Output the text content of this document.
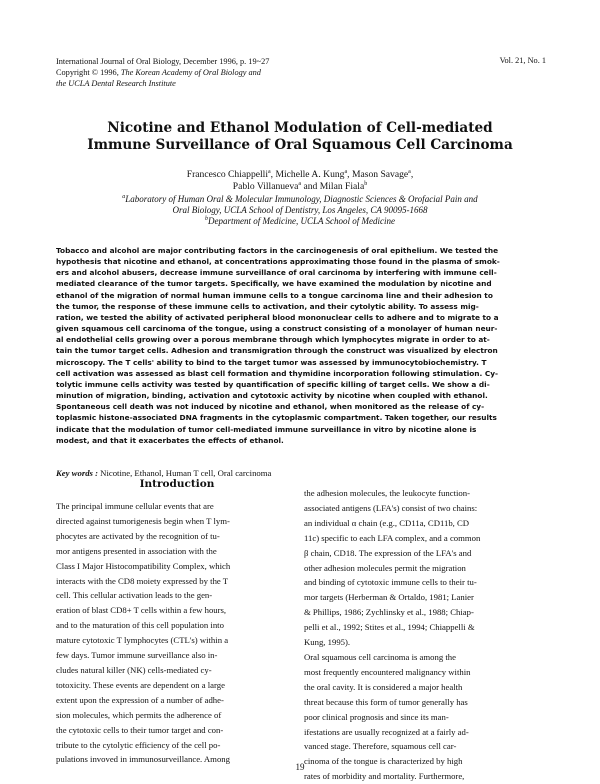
International Journal of Oral Biology, December 1996, p. 19~27
Copyright © 1996, The Korean Academy of Oral Biology and
the UCLA Dental Research Institute
Vol. 21, No. 1
Nicotine and Ethanol Modulation of Cell-mediated
Immune Surveillance of Oral Squamous Cell Carcinoma
Francesco Chiappelli$^a$, Michelle A. Kung$^a$, Mason Savage$^a$,
Pablo Villanueva$^a$ and Milan Fiala$^b$
$^a$Laboratory of Human Oral & Molecular Immunology, Diagnostic Sciences & Orofacial Pain and
Oral Biology, UCLA School of Dentistry, Los Angeles, CA 90095-1668
$^b$Department of Medicine, UCLA School of Medicine
Tobacco and alcohol are major contributing factors in the carcinogenesis of oral epithelium. We tested the
hypothesis that nicotine and ethanol, at concentrations approximating those found in the plasma of smok-
ers and alcohol abusers, decrease immune surveillance of oral carcinoma by interfering with immune cell-
mediated clearance of the tumor targets. Specifically, we have examined the modulation by nicotine and
ethanol of the migration of normal human immune cells to a tongue carcinoma line and their adhesion to
the tumor, the response of these immune cells to activation, and their cytolytic ability. To assess mig-
ration, we tested the ability of activated peripheral blood mononuclear cells to adhere and to migrate to a
given squamous cell carcinoma of the tongue, using a construct consisting of a monolayer of human neur-
al endothelial cells growing over a porous membrane through which lymphocytes migrate in order to at-
tain the tumor target cells. Adhesion and transmigration through the construct was visualized by electron
microscopy. The T cells' ability to bind to the target tumor was assessed by immunocytobiochemistry. T
cell activation was assessed as blast cell formation and thymidine incorporation following stimulation. Cy-
tolytic immune cells activity was tested by quantification of specific killing of target cells. We show a di-
minution of migration, binding, activation and cytotoxic activity by nicotine when coupled with ethanol.
Spontaneous cell death was not induced by nicotine and ethanol, when monitored as the release of cy-
toplasmic histone-associated DNA fragments in the cytoplasmic compartment. Taken together, our results
indicate that the modulation of tumor cell-mediated immune surveillance in vitro by nicotine alone is
modest, and that it exacerbates the effects of ethanol.
Key words : Nicotine, Ethanol, Human T cell, Oral carcinoma
Introduction
The principal immune cellular events that are
directed against tumorigenesis begin when T lym-
phocytes are activated by the recognition of tu-
mor antigens presented in association with the
Class I Major Histocompatibility Complex, which
interacts with the CD8 moiety expressed by the T
cell. This cellular activation leads to the gen-
eration of blast CD8+ T cells within a few hours,
and to the maturation of this cell population into
mature cytotoxic T lymphocytes (CTL's) within a
few days. Tumor immune surveillance also in-
cludes natural killer (NK) cells-mediated cy-
totoxicity. These events are dependent on a large
extent upon the expression of a number of adhe-
sion molecules, which permits the adherence of
the cytotoxic cells to their tumor target and con-
tribute to the cytolytic efficiency of the cell po-
pulations invoved in immunosurveillance. Among
the adhesion molecules, the leukocyte function-
associated antigens (LFA's) consist of two chains:
an individual α chain (e.g., CD11a, CD11b, CD
11c) specific to each LFA complex, and a common
β chain, CD18. The expression of the LFA's and
other adhesion molecules permit the migration
and binding of cytotoxic immune cells to their tu-
mor targets (Herberman & Ortaldo, 1981; Lanier
& Phillips, 1986; Zychlinsky et al., 1988; Chiap-
pelli et al., 1992; Stites et al., 1994; Chiappelli &
Kung, 1995).
Oral squamous cell carcinoma is among the
most frequently encountered malignancy within
the oral cavity. It is considered a major health
threat because this form of tumor generally has
poor clinical prognosis and since its man-
ifestations are usually recognized at a fairly ad-
vanced stage. Therefore, squamous cell car-
cinoma of the tongue is characterized by high
rates of morbidity and mortality. Furthermore,
19
